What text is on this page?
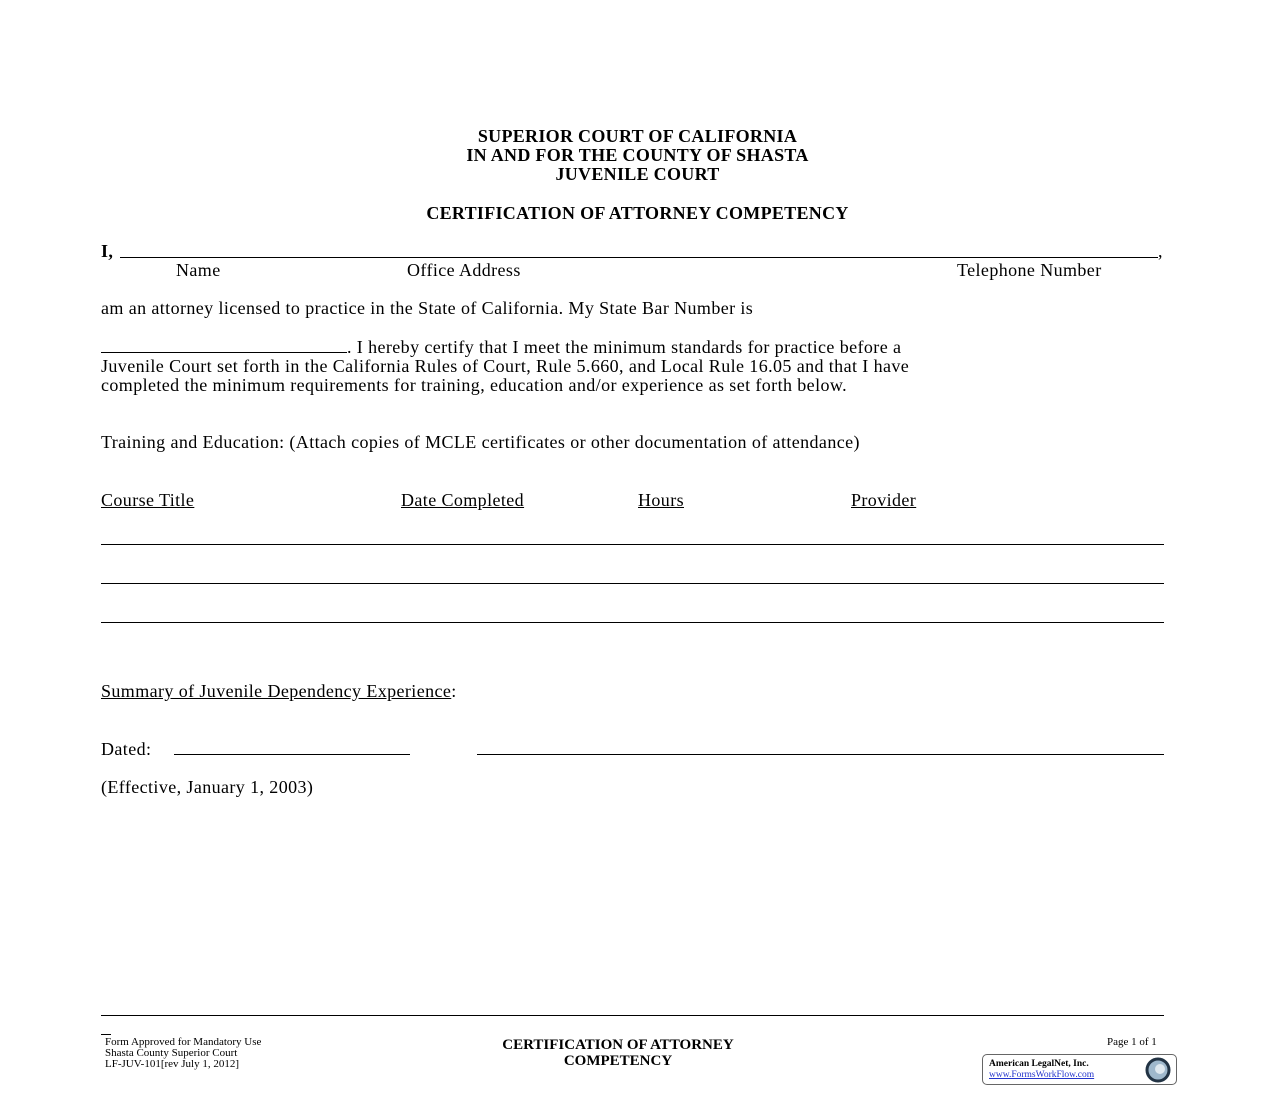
SUPERIOR COURT OF CALIFORNIA
IN AND FOR THE COUNTY OF SHASTA
JUVENILE COURT
CERTIFICATION OF ATTORNEY COMPETENCY
I,	,
Name	Office Address	Telephone Number
am an attorney licensed to practice in the State of California. My State Bar Number is
. I hereby certify that I meet the minimum standards for practice before a
Juvenile Court set forth in the California Rules of Court, Rule 5.660, and Local Rule 16.05 and that I have
completed the minimum requirements for training, education and/or experience as set forth below.
Training and Education: (Attach copies of MCLE certificates or other documentation of attendance)
Course Title	Date Completed	Hours	Provider
Summary of Juvenile Dependency Experience:
Dated:
(Effective, January 1, 2003)
Form Approved for Mandatory Use
Shasta County Superior Court
LF-JUV-101[rev July 1, 2012]
CERTIFICATION OF ATTORNEY
COMPETENCY
Page 1 of 1
American LegalNet, Inc.
www.FormsWorkFlow.com
